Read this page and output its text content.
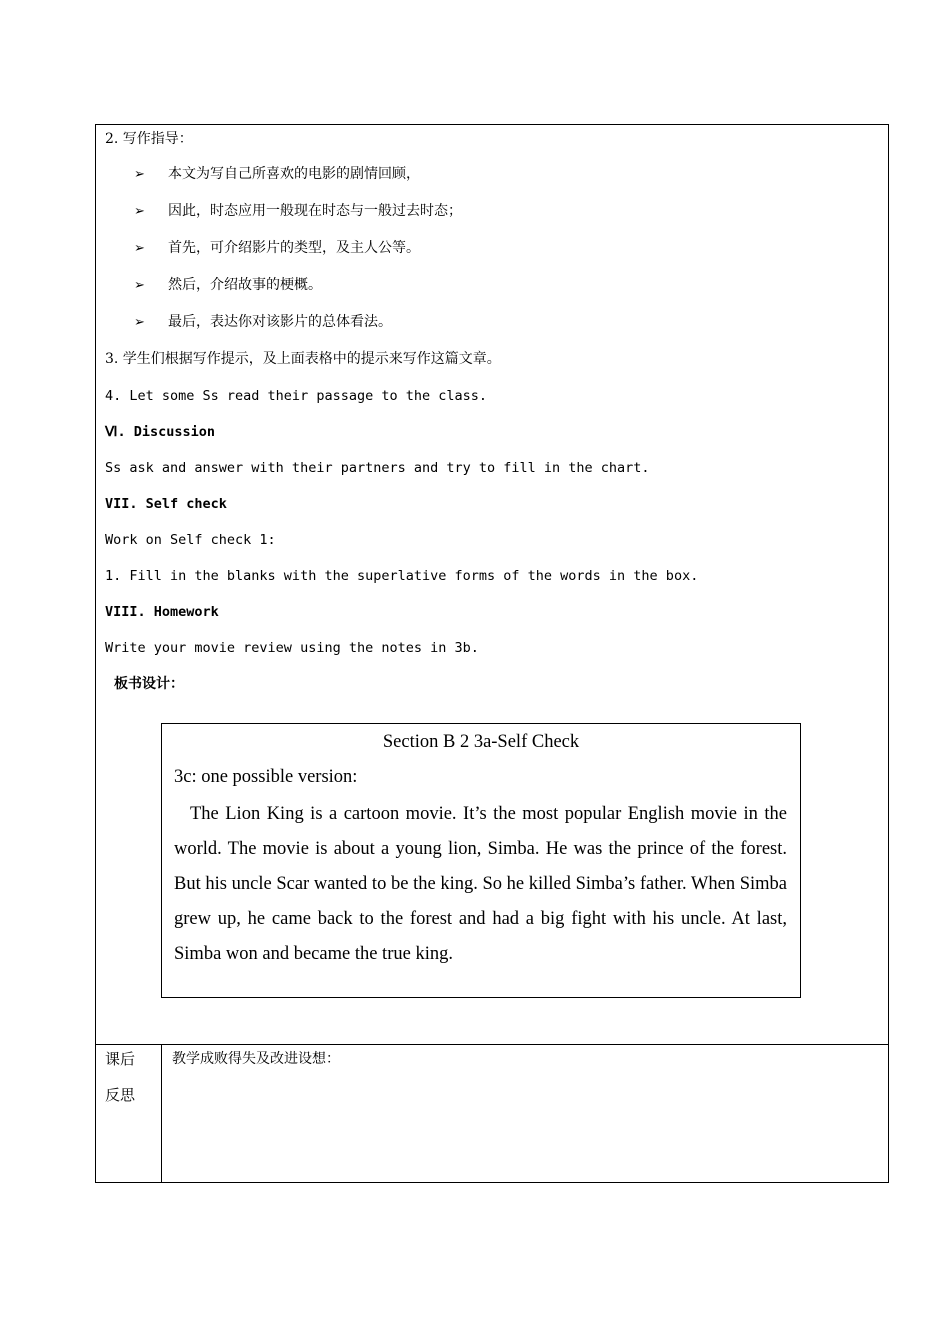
2. 写作指导：
➢ 本文为写自己所喜欢的电影的剧情回顾，
➢ 因此，时态应用一般现在时态与一般过去时态；
➢ 首先，可介绍影片的类型，及主人公等。
➢ 然后，介绍故事的梗概。
➢ 最后，表达你对该影片的总体看法。
3. 学生们根据写作提示，及上面表格中的提示来写作这篇文章。
4. Let some Ss read their passage to the class.
Ⅵ. Discussion
Ss ask and answer with their partners and try to fill in the chart.
VII. Self check
Work on Self check 1:
1. Fill in the blanks with the superlative forms of the words in the box.
VIII. Homework
Write your movie review using the notes in 3b.
板书设计：
Section B 2 3a-Self Check
3c: one possible version:
The Lion King is a cartoon movie. It’s the most popular English movie in the world. The movie is about a young lion, Simba. He was the prince of the forest. But his uncle Scar wanted to be the king. So he killed Simba’s father. When Simba grew up, he came back to the forest and had a big fight with his uncle. At last, Simba won and became the true king.
课后
反思
教学成败得失及改进设想：
